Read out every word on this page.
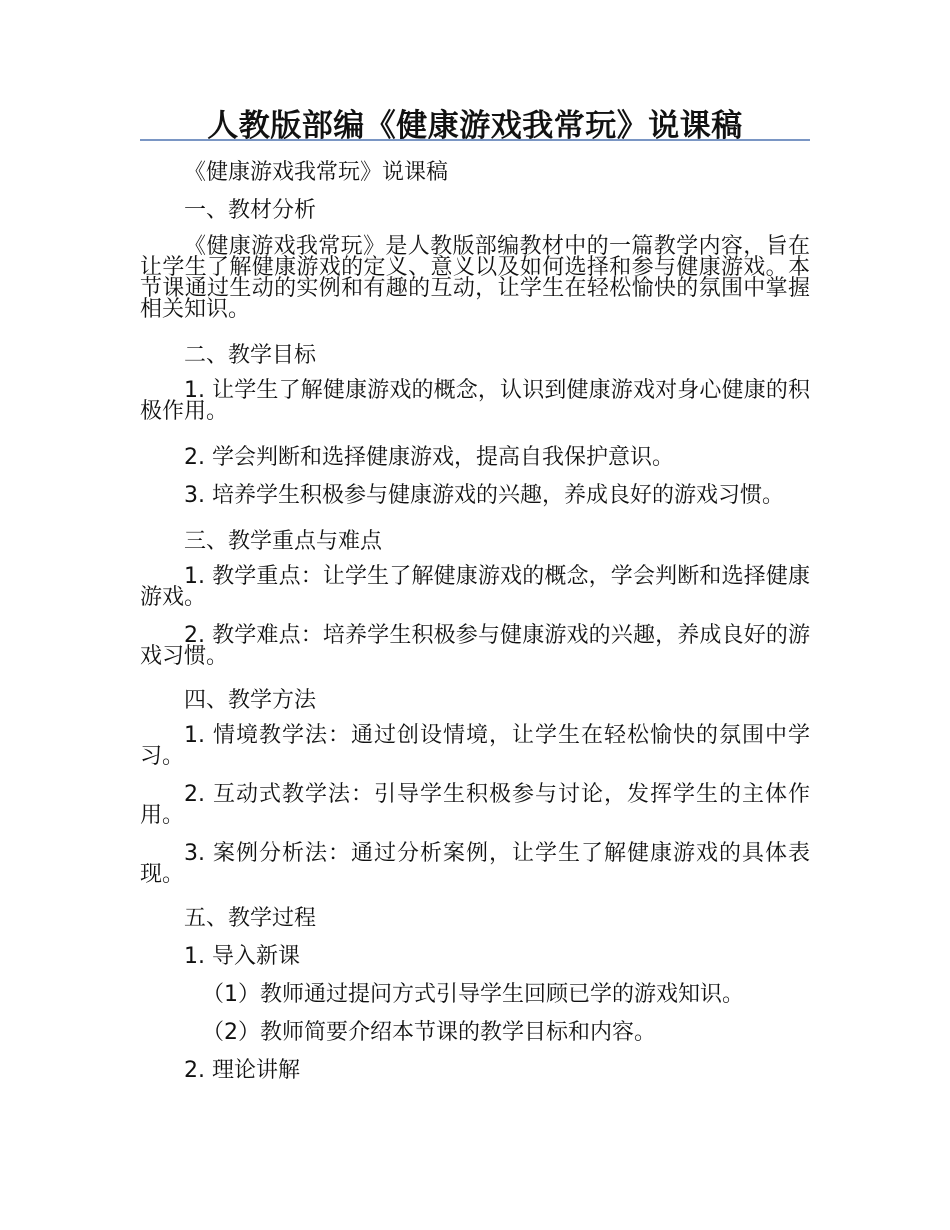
人教版部编《健康游戏我常玩》说课稿

《健康游戏我常玩》说课稿

一、教材分析

《健康游戏我常玩》是人教版部编教材中的一篇教学内容，旨在让学生了解健康游戏的定义、意义以及如何选择和参与健康游戏。本节课通过生动的实例和有趣的互动，让学生在轻松愉快的氛围中掌握相关知识。

二、教学目标

1. 让学生了解健康游戏的概念，认识到健康游戏对身心健康的积极作用。

2. 学会判断和选择健康游戏，提高自我保护意识。

3. 培养学生积极参与健康游戏的兴趣，养成良好的游戏习惯。

三、教学重点与难点

1. 教学重点：让学生了解健康游戏的概念，学会判断和选择健康游戏。

2. 教学难点：培养学生积极参与健康游戏的兴趣，养成良好的游戏习惯。

四、教学方法

1. 情境教学法：通过创设情境，让学生在轻松愉快的氛围中学习。

2. 互动式教学法：引导学生积极参与讨论，发挥学生的主体作用。

3. 案例分析法：通过分析案例，让学生了解健康游戏的具体表现。

五、教学过程

1. 导入新课

（1）教师通过提问方式引导学生回顾已学的游戏知识。

（2）教师简要介绍本节课的教学目标和内容。

2. 理论讲解
